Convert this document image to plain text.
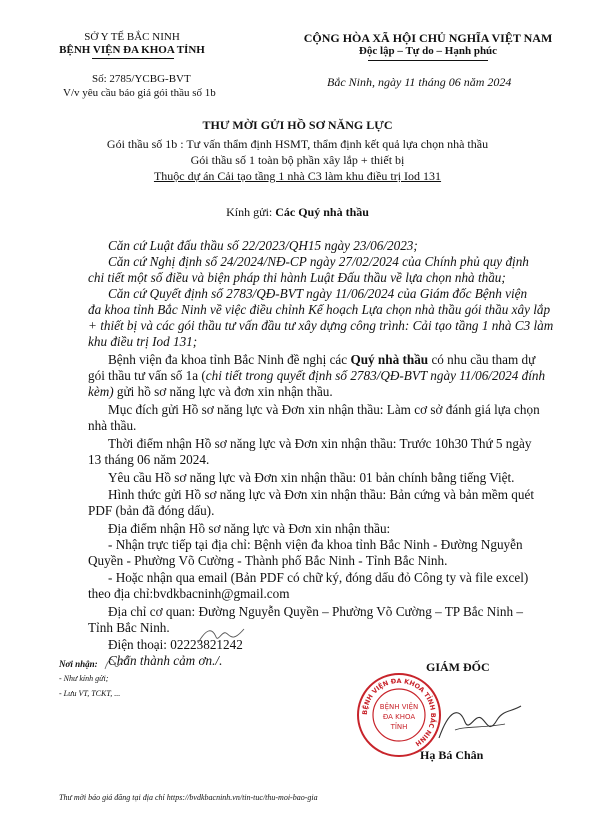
SỞ Y TẾ BẮC NINH
BỆNH VIỆN ĐA KHOA TỈNH
CỘNG HÒA XÃ HỘI CHỦ NGHĨA VIỆT NAM
Độc lập – Tự do – Hạnh phúc
Số: 2785/YCBG-BVT
V/v yêu cầu báo giá gói thầu số 1b
Bắc Ninh, ngày 11 tháng 06 năm 2024
THƯ MỜI GỬI HỒ SƠ NĂNG LỰC
Gói thầu số 1b : Tư vấn thẩm định HSMT, thẩm định kết quả lựa chọn nhà thầu
Gói thầu số 1 toàn bộ phần xây lắp + thiết bị
Thuộc dự án Cải tạo tầng 1 nhà C3 làm khu điều trị Iod 131
Kính gửi: Các Quý nhà thầu
Căn cứ Luật đấu thầu số 22/2023/QH15 ngày 23/06/2023;
Căn cứ Nghị định số 24/2024/NĐ-CP ngày 27/02/2024 của Chính phủ quy định
chi tiết một số điều và biện pháp thi hành Luật Đấu thầu về lựa chọn nhà thầu;
Căn cứ Quyết định số 2783/QĐ-BVT ngày 11/06/2024 của Giám đốc Bệnh viện
đa khoa tỉnh Bắc Ninh về việc điều chỉnh Kế hoạch Lựa chọn nhà thầu gói thầu xây lắp
+ thiết bị và các gói thầu tư vấn đầu tư xây dựng công trình: Cải tạo tầng 1 nhà C3 làm
khu điều trị Iod 131;
Bệnh viện đa khoa tỉnh Bắc Ninh đề nghị các Quý nhà thầu có nhu cầu tham dự
gói thầu tư vấn số 1a (chi tiết trong quyết định số 2783/QĐ-BVT ngày 11/06/2024 đính
kèm) gửi hồ sơ năng lực và đơn xin nhận thầu.
Mục đích gửi Hồ sơ năng lực và Đơn xin nhận thầu: Làm cơ sở đánh giá lựa chọn
nhà thầu.
Thời điểm nhận Hồ sơ năng lực và Đơn xin nhận thầu: Trước 10h30 Thứ 5 ngày
13 tháng 06 năm 2024.
Yêu cầu Hồ sơ năng lực và Đơn xin nhận thầu: 01 bản chính bằng tiếng Việt.
Hình thức gửi Hồ sơ năng lực và Đơn xin nhận thầu: Bản cứng và bản mềm quét
PDF (bản đã đóng dấu).
Địa điểm nhận Hồ sơ năng lực và Đơn xin nhận thầu:
- Nhận trực tiếp tại địa chỉ: Bệnh viện đa khoa tỉnh Bắc Ninh - Đường Nguyễn
Quyền - Phường Võ Cường - Thành phố Bắc Ninh - Tỉnh Bắc Ninh.
- Hoặc nhận qua email (Bản PDF có chữ ký, đóng dấu đỏ Công ty và file excel)
theo địa chỉ:bvdkbacninh@gmail.com
Địa chỉ cơ quan: Đường Nguyễn Quyền – Phường Võ Cường – TP Bắc Ninh –
Tỉnh Bắc Ninh.
Điện thoại: 02223821242
Chân thành cảm ơn./.
Nơi nhận:
- Như kính gửi;
- Lưu VT, TCKT, ...
GIÁM ĐỐC
BỆNH VIỆN ĐA KHOA TỈNH BẮC NINH
BỆNH VIỆN
ĐA KHOA
TỈNH
Hạ Bá Chân
Thư mời báo giá đăng tại địa chỉ https://bvdkbacninh.vn/tin-tuc/thu-moi-bao-gia
